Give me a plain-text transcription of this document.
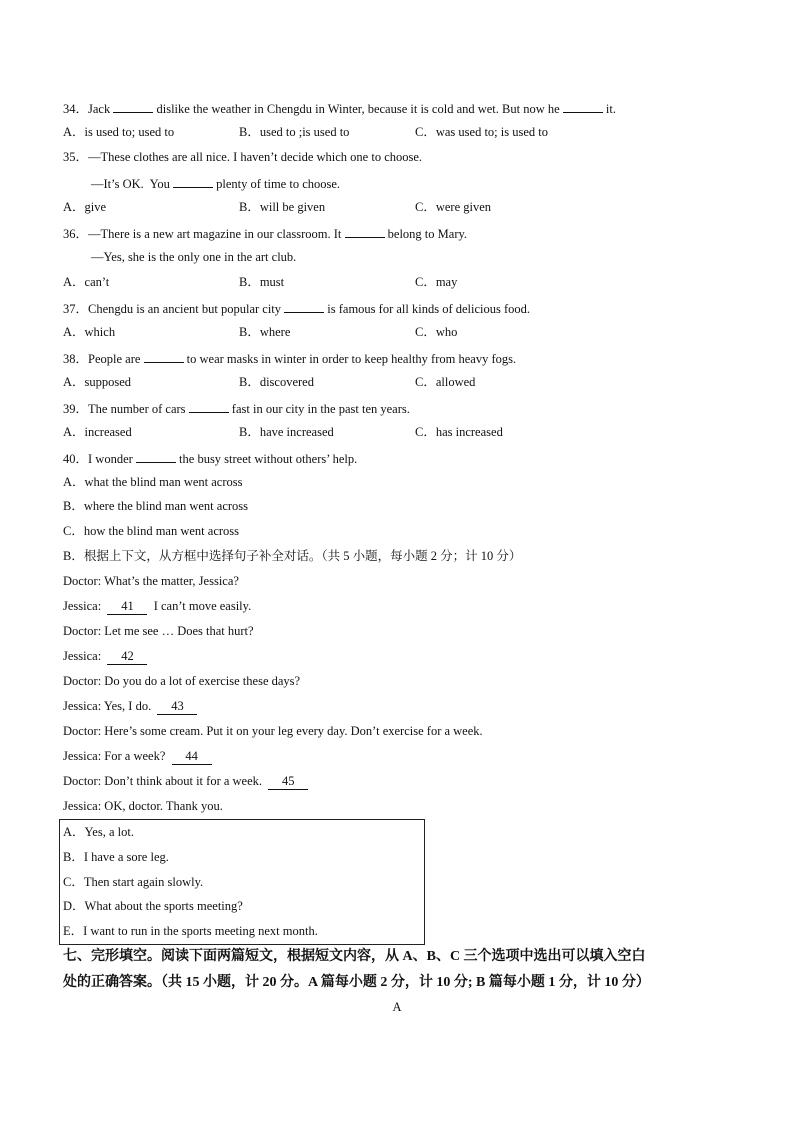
34．Jack	dislike the weather in Chengdu in Winter, because it is cold and wet. But now he	it.
A．is used to; used to	B．used to ;is used to	C．was used to; is used to
35．—These clothes are all nice. I haven’t decide which one to choose.
—It’s OK.  You	plenty of time to choose.
A．give	B．will be given	C．were given
36．—There is a new art magazine in our classroom. It	belong to Mary.
—Yes, she is the only one in the art club.
A．can’t	B．must	C．may
37．Chengdu is an ancient but popular city	is famous for all kinds of delicious food.
A．which	B．where	C．who
38．People are	to wear masks in winter in order to keep healthy from heavy fogs.
A．supposed	B．discovered	C．allowed
39．The number of cars	fast in our city in the past ten years.
A．increased	B．have increased	C．has increased
40．I wonder	the busy street without others’ help.
A．what the blind man went across
B．where the blind man went across
C．how the blind man went across
B．根据上下文，从方框中选择句子补全对话。（共 5 小题，每小题 2 分；计 10 分）
Doctor: What’s the matter, Jessica?
Jessica:  41  I can’t move easily.
Doctor: Let me see … Does that hurt?
Jessica:  42
Doctor: Do you do a lot of exercise these days?
Jessica: Yes, I do.  43
Doctor: Here’s some cream. Put it on your leg every day. Don’t exercise for a week.
Jessica: For a week?  44
Doctor: Don’t think about it for a week.  45
Jessica: OK, doctor. Thank you.
A．Yes, a lot.
B．I have a sore leg.
C．Then start again slowly.
D．What about the sports meeting?
E．I want to run in the sports meeting next month.
七、完形填空。阅读下面两篇短文，根据短文内容，从 A、B、C 三个选项中选出可以填入空白
处的正确答案。（共 15 小题，计 20 分。A 篇每小题 2 分，计 10 分; B 篇每小题 1 分，计 10 分）
A
